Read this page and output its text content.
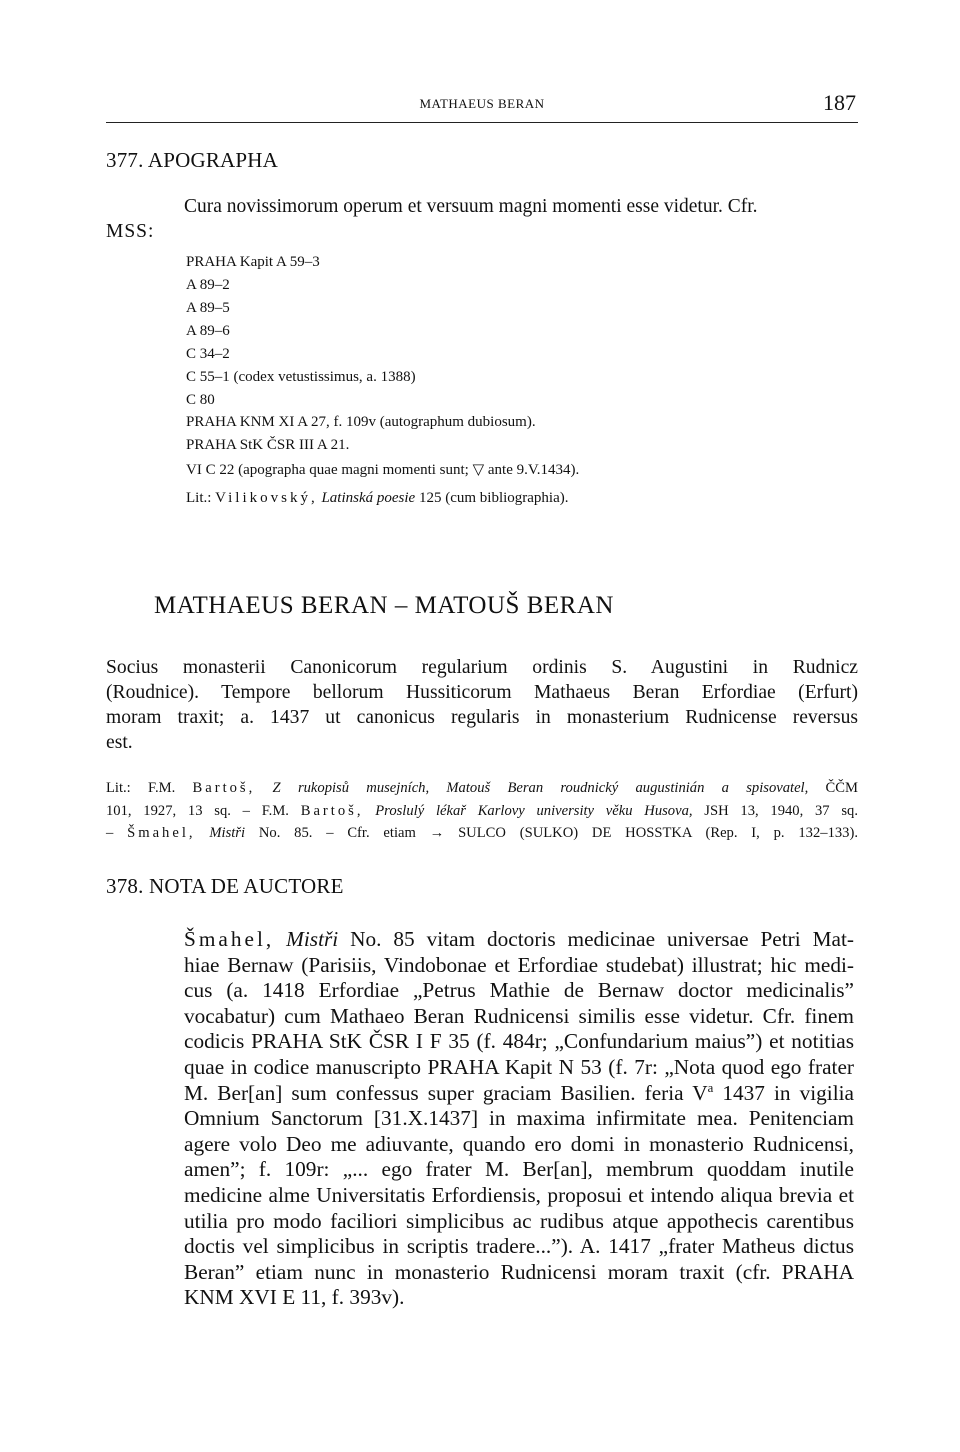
MATHAEUS BERAN	187
377. APOGRAPHA
Cura novissimorum operum et versuum magni momenti esse videtur. Cfr.
MSS:
PRAHA Kapit A 59–3
A 89–2
A 89–5
A 89–6
C 34–2
C 55–1 (codex vetustissimus, a. 1388)
C 80
PRAHA KNM XI A 27, f. 109v (autographum dubiosum).
PRAHA StK ČSR III A 21.
VI C 22 (apographa quae magni momenti sunt; ▽ ante 9.V.1434).
Lit.: Vilikovský, Latinská poesie 125 (cum bibliographia).
MATHAEUS BERAN – MATOUŠ BERAN
Socius monasterii Canonicorum regularium ordinis S. Augustini in Rudnicz
(Roudnice). Tempore bellorum Hussiticorum Mathaeus Beran Erfordiae (Erfurt)
moram traxit; a. 1437 ut canonicus regularis in monasterium Rudnicense reversus
est.
Lit.: F.M. Bartoš, Z rukopisů musejních, Matouš Beran roudnický augustinián a spisovatel, ČČM
101, 1927, 13 sq. – F.M. Bartoš, Proslulý lékař Karlovy university věku Husova, JSH 13, 1940, 37 sq.
– Šmahel, Mistři No. 85. – Cfr. etiam → SULCO (SULKO) DE HOSSTKA (Rep. I, p. 132–133).
378. NOTA DE AUCTORE
Šmahel, Mistři No. 85 vitam doctoris medicinae universae Petri Mat-
hiae Bernaw (Parisiis, Vindobonae et Erfordiae studebat) illustrat; hic medi-
cus (a. 1418 Erfordiae „Petrus Mathie de Bernaw doctor medicinalis”
vocabatur) cum Mathaeo Beran Rudnicensi similis esse videtur. Cfr. finem
codicis PRAHA StK ČSR I F 35 (f. 484r; „Confundarium maius”) et notitias
quae in codice manuscripto PRAHA Kapit N 53 (f. 7r: „Nota quod ego frater
M. Ber[an] sum confessus super graciam Basilien. feria $V^a$ 1437 in vigilia
Omnium Sanctorum [31.X.1437] in maxima infirmitate mea. Penitenciam
agere volo Deo me adiuvante, quando ero domi in monasterio Rudnicensi,
amen”; f. 109r: „... ego frater M. Ber[an], membrum quoddam inutile
medicine alme Universitatis Erfordiensis, proposui et intendo aliqua brevia et
utilia pro modo faciliori simplicibus ac rudibus atque appothecis carentibus
doctis vel simplicibus in scriptis tradere...”). A. 1417 „frater Matheus dictus
Beran” etiam nunc in monasterio Rudnicensi moram traxit (cfr. PRAHA
KNM XVI E 11, f. 393v).
